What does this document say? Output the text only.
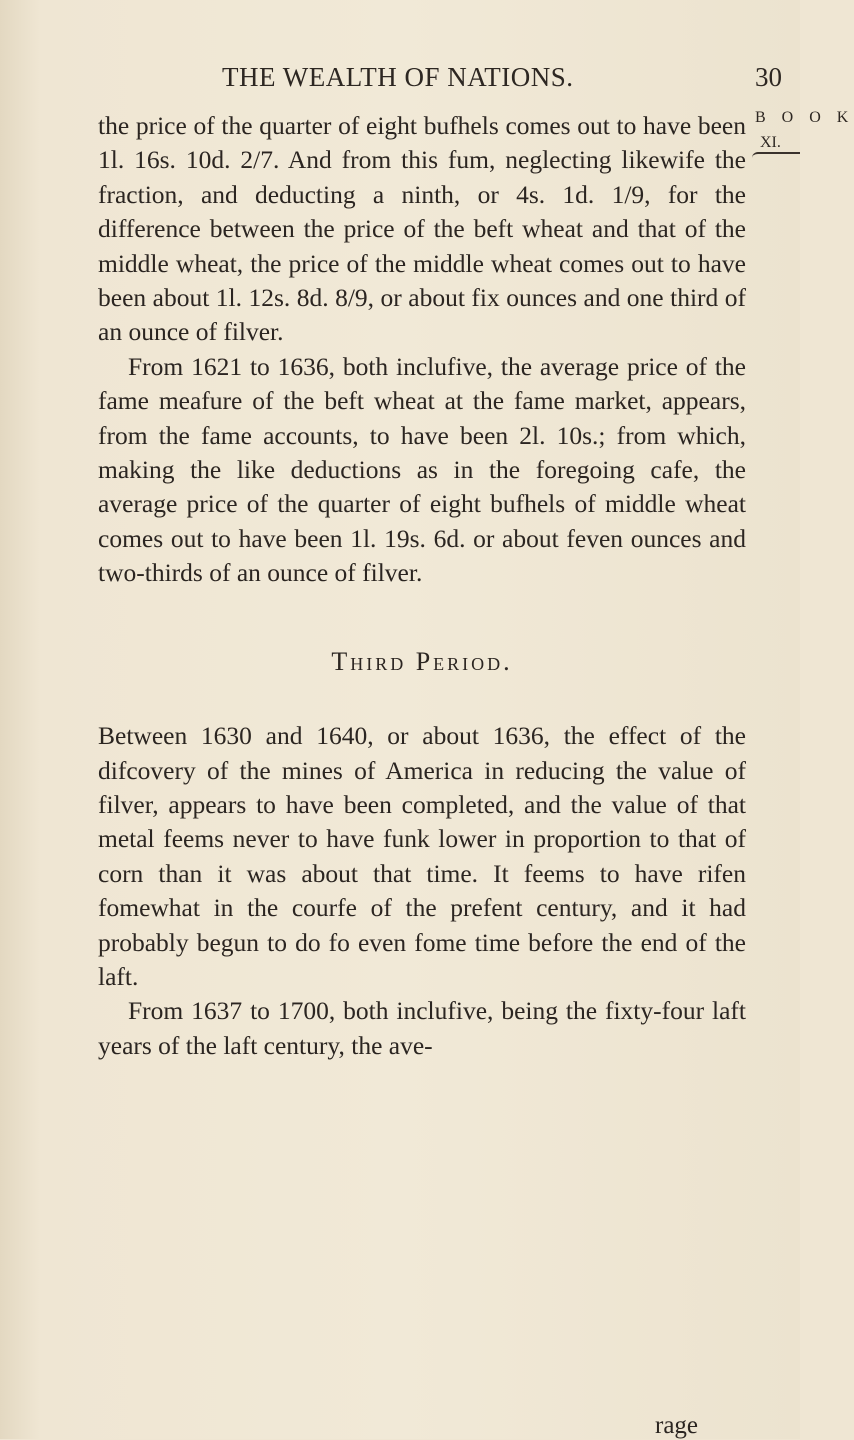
THE WEALTH OF NATIONS.	30
B O O K
XI.

the price of the quarter of eight bufhels comes out to have been 1l. 16s. 10d. 2/7. And from this fum, neglecting likewife the fraction, and deducting a ninth, or 4s. 1d. 1/9, for the difference between the price of the beft wheat and that of the middle wheat, the price of the middle wheat comes out to have been about 1l. 12s. 8d. 8/9, or about fix ounces and one third of an ounce of filver.

From 1621 to 1636, both inclufive, the average price of the fame meafure of the beft wheat at the fame market, appears, from the fame accounts, to have been 2l. 10s.; from which, making the like deductions as in the foregoing cafe, the average price of the quarter of eight bufhels of middle wheat comes out to have been 1l. 19s. 6d. or about feven ounces and two-thirds of an ounce of filver.

Third Period.

Between 1630 and 1640, or about 1636, the effect of the difcovery of the mines of America in reducing the value of filver, appears to have been completed, and the value of that metal feems never to have funk lower in proportion to that of corn than it was about that time. It feems to have rifen fomewhat in the courfe of the prefent century, and it had probably begun to do fo even fome time before the end of the laft.

From 1637 to 1700, both inclufive, being the fixty-four laft years of the laft century, the ave-

rage
